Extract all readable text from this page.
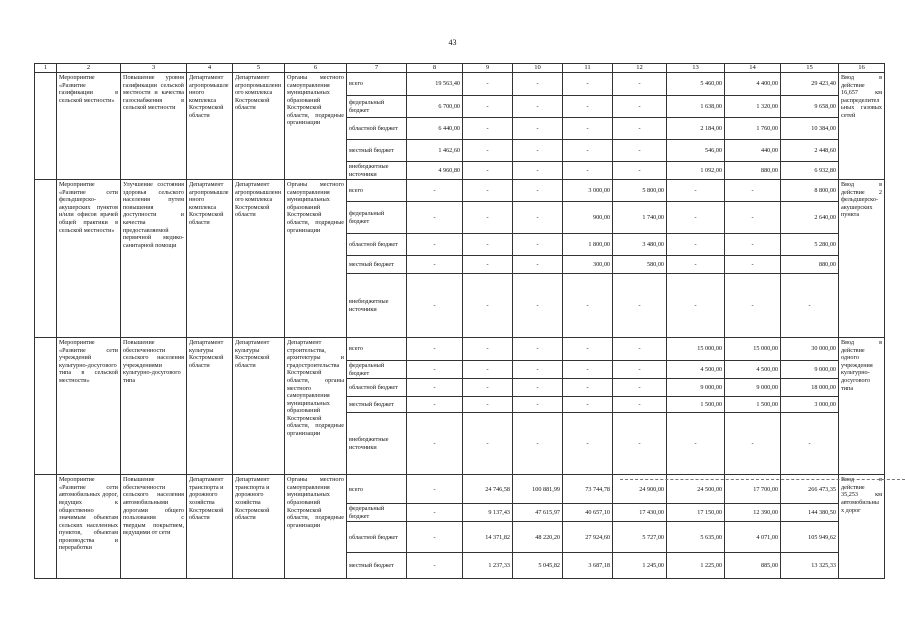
43
1	2	3	4	5	6	7	8	9	10	11	12	13	14	15	16
	Мероприятие «Развитие газификации в сельской местности»	Повышение уровня газификации сельской местности и качества газоснабжения в сельской местности	Департамент агропромышленного комплекса Костромской области	Департамент агропромышленного комплекса Костромской области	Органы местного самоуправления муниципальных образований Костромской области, подрядные организации	всего	19 563,40	-	-	-	-	5 460,00	4 400,00	29 423,40	Ввод в действие 16,657 км распределительных газовых сетей
						федеральный бюджет	6 700,00	-	-	-	-	1 638,00	1 320,00	9 658,00	
						областной бюджет	6 440,00	-	-	-	-	2 184,00	1 760,00	10 384,00	
						местный бюджет	1 462,60	-	-	-	-	546,00	440,00	2 448,60	
						внебюджетные источники	4 960,80	-	-	-	-	1 092,00	880,00	6 932,80	
	Мероприятие «Развитие сети фельдшерско-акушерских пунктов и/или офисов врачей общей практики в сельской местности»	Улучшение состояния здоровья сельского населения путем повышения доступности и качества предоставляемой первичной медико-санитарной помощи	Департамент агропромышленного комплекса Костромской области	Департамент агропромышленного комплекса Костромской области	Органы местного самоуправления муниципальных образований Костромской области, подрядные организации	всего	-	-	-	3 000,00	5 800,00	-	-	8 800,00	Ввод в действие 2 фельдшерско-акушерских пункта
						федеральный бюджет	-	-	-	900,00	1 740,00	-	-	2 640,00	
						областной бюджет	-	-	-	1 800,00	3 480,00	-	-	5 280,00	
						местный бюджет	-	-	-	300,00	580,00	-	-	880,00	
						внебюджетные источники	-	-	-	-	-	-	-	-	
	Мероприятие «Развитие сети учреждений культурно-досугового типа в сельской местности»	Повышение обеспеченности сельского населения учреждениями культурно-досугового типа	Департамент культуры Костромской области	Департамент культуры Костромской области	Департамент строительства, архитектуры и градостроительства Костромской области, органы местного самоуправления муниципальных образований Костромской области, подрядные организации	всего	-	-	-	-	-	15 000,00	15 000,00	30 000,00	Ввод в действие одного учреждения культурно-досугового типа
						федеральный бюджет	-	-	-	-	-	4 500,00	4 500,00	9 000,00	
						областной бюджет	-	-	-	-	-	9 000,00	9 000,00	18 000,00	
						местный бюджет	-	-	-	-	-	1 500,00	1 500,00	3 000,00	
						внебюджетные источники	-	-	-	-	-	-	-	-	
	Мероприятие «Развитие сети автомобильных дорог, ведущих к общественно значимым объектам сельских населенных пунктов, объектам производства и переработки	Повышение обеспеченности сельского населения автомобильными дорогами общего пользования с твердым покрытием, ведущими от сети	Департамент транспорта и дорожного хозяйства Костромской области	Департамент транспорта и дорожного хозяйства Костромской области	Органы местного самоуправления муниципальных образований Костромской области, подрядные организации	всего	-	24 746,58	100 881,99	73 744,78	24 900,00	24 500,00	17 700,00	266 473,35	Ввод в действие 35,253 км автомобильных дорог
						федеральный бюджет	-	9 137,43	47 615,97	40 657,10	17 430,00	17 150,00	12 390,00	144 380,50	
						областной бюджет	-	14 371,82	48 220,20	27 924,60	5 727,00	5 635,00	4 071,00	105 949,62	
						местный бюджет	-	1 237,33	5 045,82	3 687,18	1 245,00	1 225,00	885,00	13 325,33	
